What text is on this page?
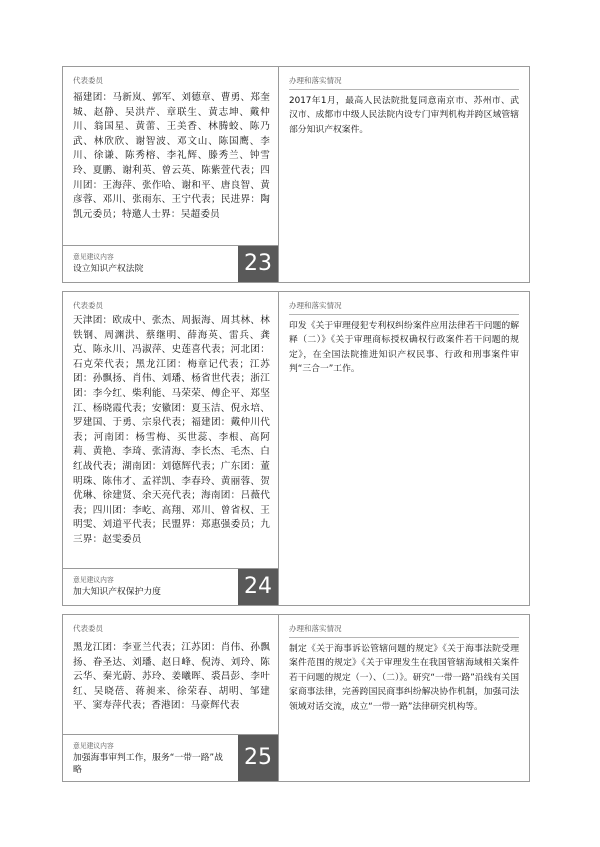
代表委员
福建团：马新岚、郭军、刘德章、曹勇、郑奎城、赵静、吴洪芹、章联生、黄志坤、戴仲川、翁国星、黄蕾、王美香、林腾蛟、陈乃武、林欣欣、谢智波、邓文山、陈国鹰、李川、徐谦、陈秀榕、李礼辉、滕秀兰、钟雪玲、夏鹏、谢利英、曾云英、陈紫萱代表；四川团：王海萍、张作哈、谢和平、唐良智、黄彦蓉、邓川、张雨东、王宁代表；民进界：陶凯元委员；特邀人士界：吴超委员
意见建议内容
设立知识产权法院	23
办理和落实情况
2017年1月，最高人民法院批复同意南京市、苏州市、武汉市、成都市中级人民法院内设专门审判机构并跨区域管辖部分知识产权案件。
代表委员
天津团：欧成中、张杰、周振海、周其林、林铁钢、周渊洪、蔡继明、薛海英、雷兵、龚克、陈永川、冯淑萍、史莲喜代表；河北团：石克荣代表；黑龙江团：梅章记代表；江苏团：孙飘扬、肖伟、刘璠、杨省世代表；浙江团：李今红、柴利能、马荣荣、傅企平、郑坚江、杨晓霞代表；安徽团：夏玉洁、倪永培、罗建国、于勇、宗泉代表；福建团：戴仲川代表；河南团：杨雪梅、买世蕊、李根、高阿莉、黄艳、李琦、张清海、李长杰、毛杰、白红战代表；湖南团：刘德辉代表；广东团：董明珠、陈伟才、孟祥凯、李春玲、黄丽蓉、贺优琳、徐建贤、余天亮代表；海南团：吕薇代表；四川团：李屹、高翔、邓川、曾省权、王明雯、刘道平代表；民盟界：郑惠强委员；九三界：赵雯委员
意见建议内容
加大知识产权保护力度	24
办理和落实情况
印发《关于审理侵犯专利权纠纷案件应用法律若干问题的解释（二）》《关于审理商标授权确权行政案件若干问题的规定》，在全国法院推进知识产权民事、行政和刑事案件审判“三合一”工作。
代表委员
黑龙江团：李亚兰代表；江苏团：肖伟、孙飘扬、眷圣达、刘璠、赵日峰、倪涛、刘玲、陈云华、秦光蔚、苏玲、姜曦晖、裘昌彭、李叶红、吴晓蓓、蒋昶来、徐荣春、胡明、邹建平、窦寿萍代表；香港团：马豪辉代表
意见建议内容
加强海事审判工作，服务“一带一路”战略	25
办理和落实情况
制定《关于海事诉讼管辖问题的规定》《关于海事法院受理案件范围的规定》《关于审理发生在我国管辖海域相关案件若干问题的规定（一）、（二）》。研究“一带一路”沿线有关国家商事法律，完善跨国民商事纠纷解决协作机制，加强司法领域对话交流，成立“一带一路”法律研究机构等。
